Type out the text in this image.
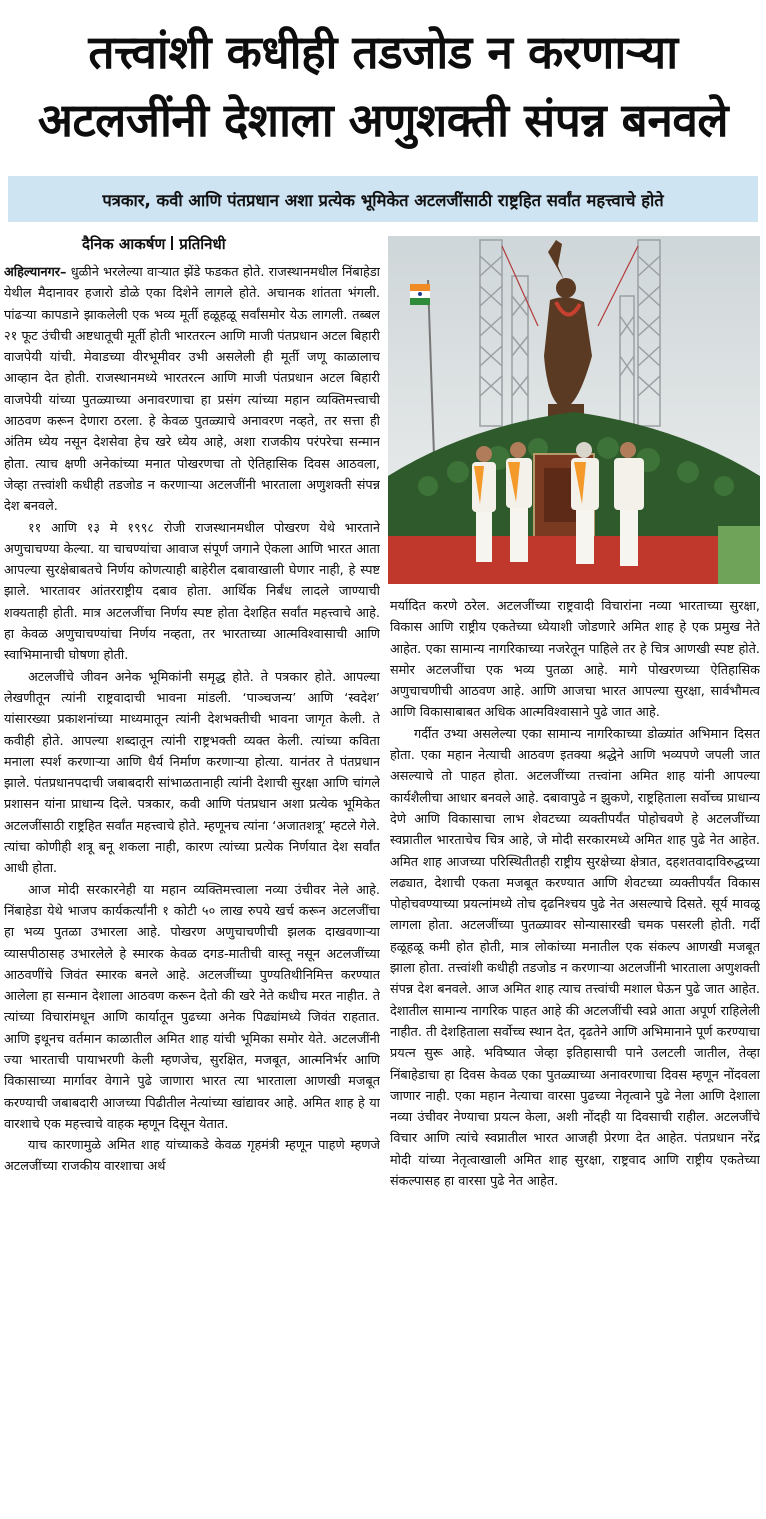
तत्त्वांशी कधीही तडजोड न करणाऱ्या
अटलजींनी देशाला अणुशक्ती संपन्न बनवले
पत्रकार, कवी आणि पंतप्रधान अशा प्रत्येक भूमिकेत अटलजींसाठी राष्ट्रहित सर्वांत महत्त्वाचे होते
दैनिक आकर्षण प्रतिनिधी

अहिल्यानगर– धुळीने भरलेल्या वाऱ्यात झेंडे फडकत होते. राजस्थानमधील निंबाहेडा येथील मैदानावर हजारो डोळे एका दिशेने लागले होते. अचानक शांतता भंगली. पांढऱ्या कापडाने झाकलेली एक भव्य मूर्ती हळूहळू सर्वांसमोर येऊ लागली. तब्बल २१ फूट उंचीची अष्टधातूची मूर्ती होती भारतरत्न आणि माजी पंतप्रधान अटल बिहारी वाजपेयी यांची. मेवाडच्या वीरभूमीवर उभी असलेली ही मूर्ती जणू काळालाच आव्हान देत होती. राजस्थानमध्ये भारतरत्न आणि माजी पंतप्रधान अटल बिहारी वाजपेयी यांच्या पुतळ्याच्या अनावरणाचा हा प्रसंग त्यांच्या महान व्यक्तिमत्त्वाची आठवण करून देणारा ठरला. हे केवळ पुतळ्याचे अनावरण नव्हते, तर सत्ता ही अंतिम ध्येय नसून देशसेवा हेच खरे ध्येय आहे, अशा राजकीय परंपरेचा सन्मान होता. त्याच क्षणी अनेकांच्या मनात पोखरणचा तो ऐतिहासिक दिवस आठवला, जेव्हा तत्त्वांशी कधीही तडजोड न करणाऱ्या अटलजींनी भारताला अणुशक्ती संपन्न देश बनवले.

११ आणि १३ मे १९९८ रोजी राजस्थानमधील पोखरण येथे भारताने अणुचाचण्या केल्या. या चाचण्यांचा आवाज संपूर्ण जगाने ऐकला आणि भारत आता आपल्या सुरक्षेबाबतचे निर्णय कोणत्याही बाहेरील दबावाखाली घेणार नाही, हे स्पष्ट झाले. भारतावर आंतरराष्ट्रीय दबाव होता. आर्थिक निर्बंध लादले जाण्याची शक्यताही होती. मात्र अटलजींचा निर्णय स्पष्ट होता देशहित सर्वांत महत्त्वाचे आहे. हा केवळ अणुचाचण्यांचा निर्णय नव्हता, तर भारताच्या आत्मविश्वासाची आणि स्वाभिमानाची घोषणा होती.

अटलजींचे जीवन अनेक भूमिकांनी समृद्ध होते. ते पत्रकार होते. आपल्या लेखणीतून त्यांनी राष्ट्रवादाची भावना मांडली. ‘पाञ्चजन्य’ आणि ‘स्वदेश’ यांसारख्या प्रकाशनांच्या माध्यमातून त्यांनी देशभक्तीची भावना जागृत केली. ते कवीही होते. आपल्या शब्दातून त्यांनी राष्ट्रभक्ती व्यक्त केली. त्यांच्या कविता मनाला स्पर्श करणाऱ्या आणि धैर्य निर्माण करणाऱ्या होत्या. यानंतर ते पंतप्रधान झाले. पंतप्रधानपदाची जबाबदारी सांभाळतानाही त्यांनी देशाची सुरक्षा आणि चांगले प्रशासन यांना प्राधान्य दिले. पत्रकार, कवी आणि पंतप्रधान अशा प्रत्येक भूमिकेत अटलजींसाठी राष्ट्रहित सर्वांत महत्त्वाचे होते. म्हणूनच त्यांना ‘अजातशत्रू’ म्हटले गेले. त्यांचा कोणीही शत्रू बनू शकला नाही, कारण त्यांच्या प्रत्येक निर्णयात देश सर्वांत आधी होता.

आज मोदी सरकारनेही या महान व्यक्तिमत्त्वाला नव्या उंचीवर नेले आहे. निंबाहेडा येथे भाजप कार्यकर्त्यांनी १ कोटी ५० लाख रुपये खर्च करून अटलजींचा हा भव्य पुतळा उभारला आहे. पोखरण अणुचाचणीची झलक दाखवणाऱ्या व्यासपीठासह उभारलेले हे स्मारक केवळ दगड-मातीची वास्तू नसून अटलजींच्या आठवणींचे जिवंत स्मारक बनले आहे. अटलजींच्या पुण्यतिथीनिमित्त करण्यात आलेला हा सन्मान देशाला आठवण करून देतो की खरे नेते कधीच मरत नाहीत. ते त्यांच्या विचारांमधून आणि कार्यातून पुढच्या अनेक पिढ्यांमध्ये जिवंत राहतात. आणि इथूनच वर्तमान काळातील अमित शाह यांची भूमिका समोर येते. अटलजींनी ज्या भारताची पायाभरणी केली म्हणजेच, सुरक्षित, मजबूत, आत्मनिर्भर आणि विकासाच्या मार्गावर वेगाने पुढे जाणारा भारत त्या भारताला आणखी मजबूत करण्याची जबाबदारी आजच्या पिढीतील नेत्यांच्या खांद्यावर आहे. अमित शाह हे या वारशाचे एक महत्त्वाचे वाहक म्हणून दिसून येतात.

याच कारणामुळे अमित शाह यांच्याकडे केवळ गृहमंत्री म्हणून पाहणे म्हणजे अटलजींच्या राजकीय वारशाचा अर्थ

मर्यादित करणे ठरेल. अटलजींच्या राष्ट्रवादी विचारांना नव्या भारताच्या सुरक्षा, विकास आणि राष्ट्रीय एकतेच्या ध्येयाशी जोडणारे अमित शाह हे एक प्रमुख नेते आहेत. एका सामान्य नागरिकाच्या नजरेतून पाहिले तर हे चित्र आणखी स्पष्ट होते. समोर अटलजींचा एक भव्य पुतळा आहे. मागे पोखरणच्या ऐतिहासिक अणुचाचणीची आठवण आहे. आणि आजचा भारत आपल्या सुरक्षा, सार्वभौमत्व आणि विकासाबाबत अधिक आत्मविश्वासाने पुढे जात आहे.

गर्दीत उभ्या असलेल्या एका सामान्य नागरिकाच्या डोळ्यांत अभिमान दिसत होता. एका महान नेत्याची आठवण इतक्या श्रद्धेने आणि भव्यपणे जपली जात असल्याचे तो पाहत होता. अटलजींच्या तत्त्वांना अमित शाह यांनी आपल्या कार्यशैलीचा आधार बनवले आहे. दबावापुढे न झुकणे, राष्ट्रहिताला सर्वोच्च प्राधान्य देणे आणि विकासाचा लाभ शेवटच्या व्यक्तीपर्यंत पोहोचवणे हे अटलजींच्या स्वप्नातील भारताचेच चित्र आहे, जे मोदी सरकारमध्ये अमित शाह पुढे नेत आहेत. अमित शाह आजच्या परिस्थितीतही राष्ट्रीय सुरक्षेच्या क्षेत्रात, दहशतवादाविरुद्धच्या लढ्यात, देशाची एकता मजबूत करण्यात आणि शेवटच्या व्यक्तीपर्यंत विकास पोहोचवण्याच्या प्रयत्नांमध्ये तोच दृढनिश्चय पुढे नेत असल्याचे दिसते. सूर्य मावळू लागला होता. अटलजींच्या पुतळ्यावर सोन्यासारखी चमक पसरली होती. गर्दी हळूहळू कमी होत होती, मात्र लोकांच्या मनातील एक संकल्प आणखी मजबूत झाला होता. तत्त्वांशी कधीही तडजोड न करणाऱ्या अटलजींनी भारताला अणुशक्ती संपन्न देश बनवले. आज अमित शाह त्याच तत्त्वांची मशाल घेऊन पुढे जात आहेत. देशातील सामान्य नागरिक पाहत आहे की अटलजींची स्वप्ने आता अपूर्ण राहिलेली नाहीत. ती देशहिताला सर्वोच्च स्थान देत, दृढतेने आणि अभिमानाने पूर्ण करण्याचा प्रयत्न सुरू आहे. भविष्यात जेव्हा इतिहासाची पाने उलटली जातील, तेव्हा निंबाहेडाचा हा दिवस केवळ एका पुतळ्याच्या अनावरणाचा दिवस म्हणून नोंदवला जाणार नाही. एका महान नेत्याचा वारसा पुढच्या नेतृत्वाने पुढे नेला आणि देशाला नव्या उंचीवर नेण्याचा प्रयत्न केला, अशी नोंदही या दिवसाची राहील. अटलजींचे विचार आणि त्यांचे स्वप्नातील भारत आजही प्रेरणा देत आहेत. पंतप्रधान नरेंद्र मोदी यांच्या नेतृत्वाखाली अमित शाह सुरक्षा, राष्ट्रवाद आणि राष्ट्रीय एकतेच्या संकल्पासह हा वारसा पुढे नेत आहेत.
